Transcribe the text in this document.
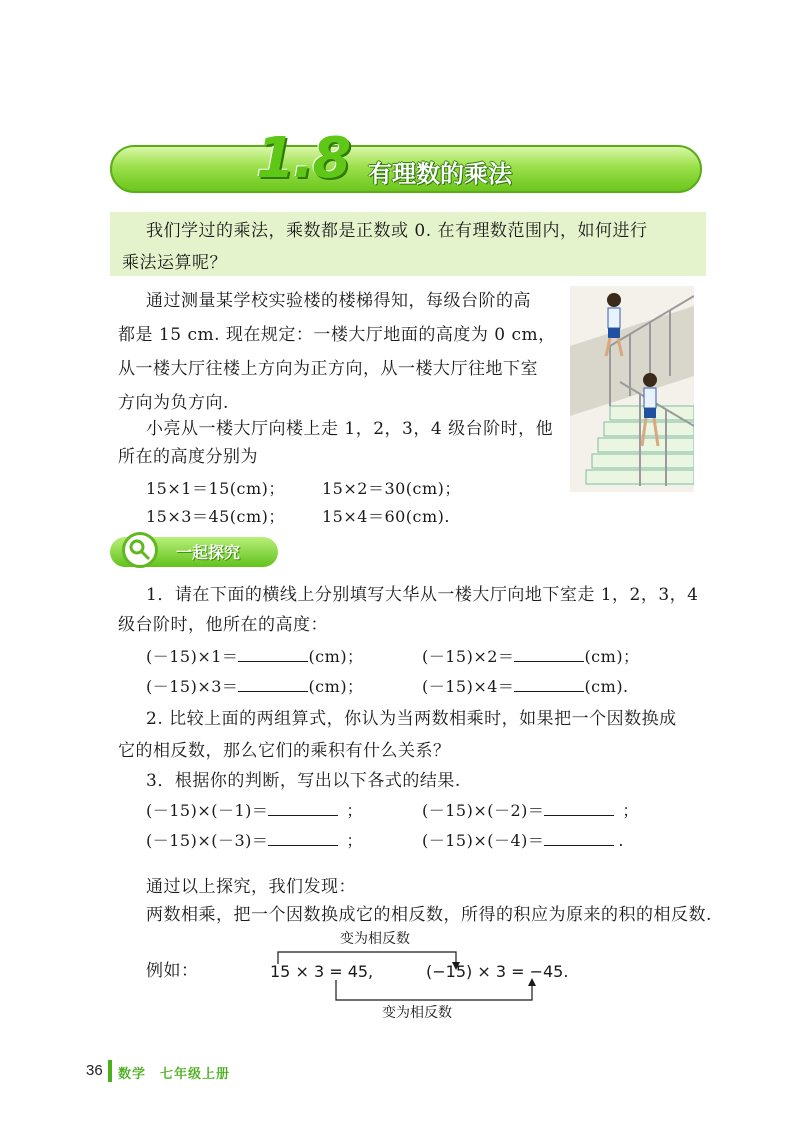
1.8 有理数的乘法
我们学过的乘法，乘数都是正数或 0. 在有理数范围内，如何进行
乘法运算呢？
通过测量某学校实验楼的楼梯得知，每级台阶的高
都是 15 cm. 现在规定：一楼大厅地面的高度为 0 cm，
从一楼大厅往楼上方向为正方向，从一楼大厅往地下室
方向为负方向.
小亮从一楼大厅向楼上走 1，2，3，4 级台阶时，他
所在的高度分别为
15×1＝15(cm)； 15×2＝30(cm)；
15×3＝45(cm)； 15×4＝60(cm).
一起探究
1．请在下面的横线上分别填写大华从一楼大厅向地下室走 1，2，3，4
级台阶时，他所在的高度：
(－15)×1＝	(cm)；	(－15)×2＝	(cm)；
(－15)×3＝	(cm)；	(－15)×4＝	(cm).
2. 比较上面的两组算式，你认为当两数相乘时，如果把一个因数换成
它的相反数，那么它们的乘积有什么关系？
3．根据你的判断，写出以下各式的结果.
(－15)×(－1)＝	；	(－15)×(－2)＝	；
(－15)×(－3)＝	；	(－15)×(－4)＝	.
通过以上探究，我们发现：
两数相乘，把一个因数换成它的相反数，所得的积应为原来的积的相反数.
变为相反数
例如：	15 × 3 = 45,	(−15) × 3 = −45.
变为相反数
36 数学　七年级上册
